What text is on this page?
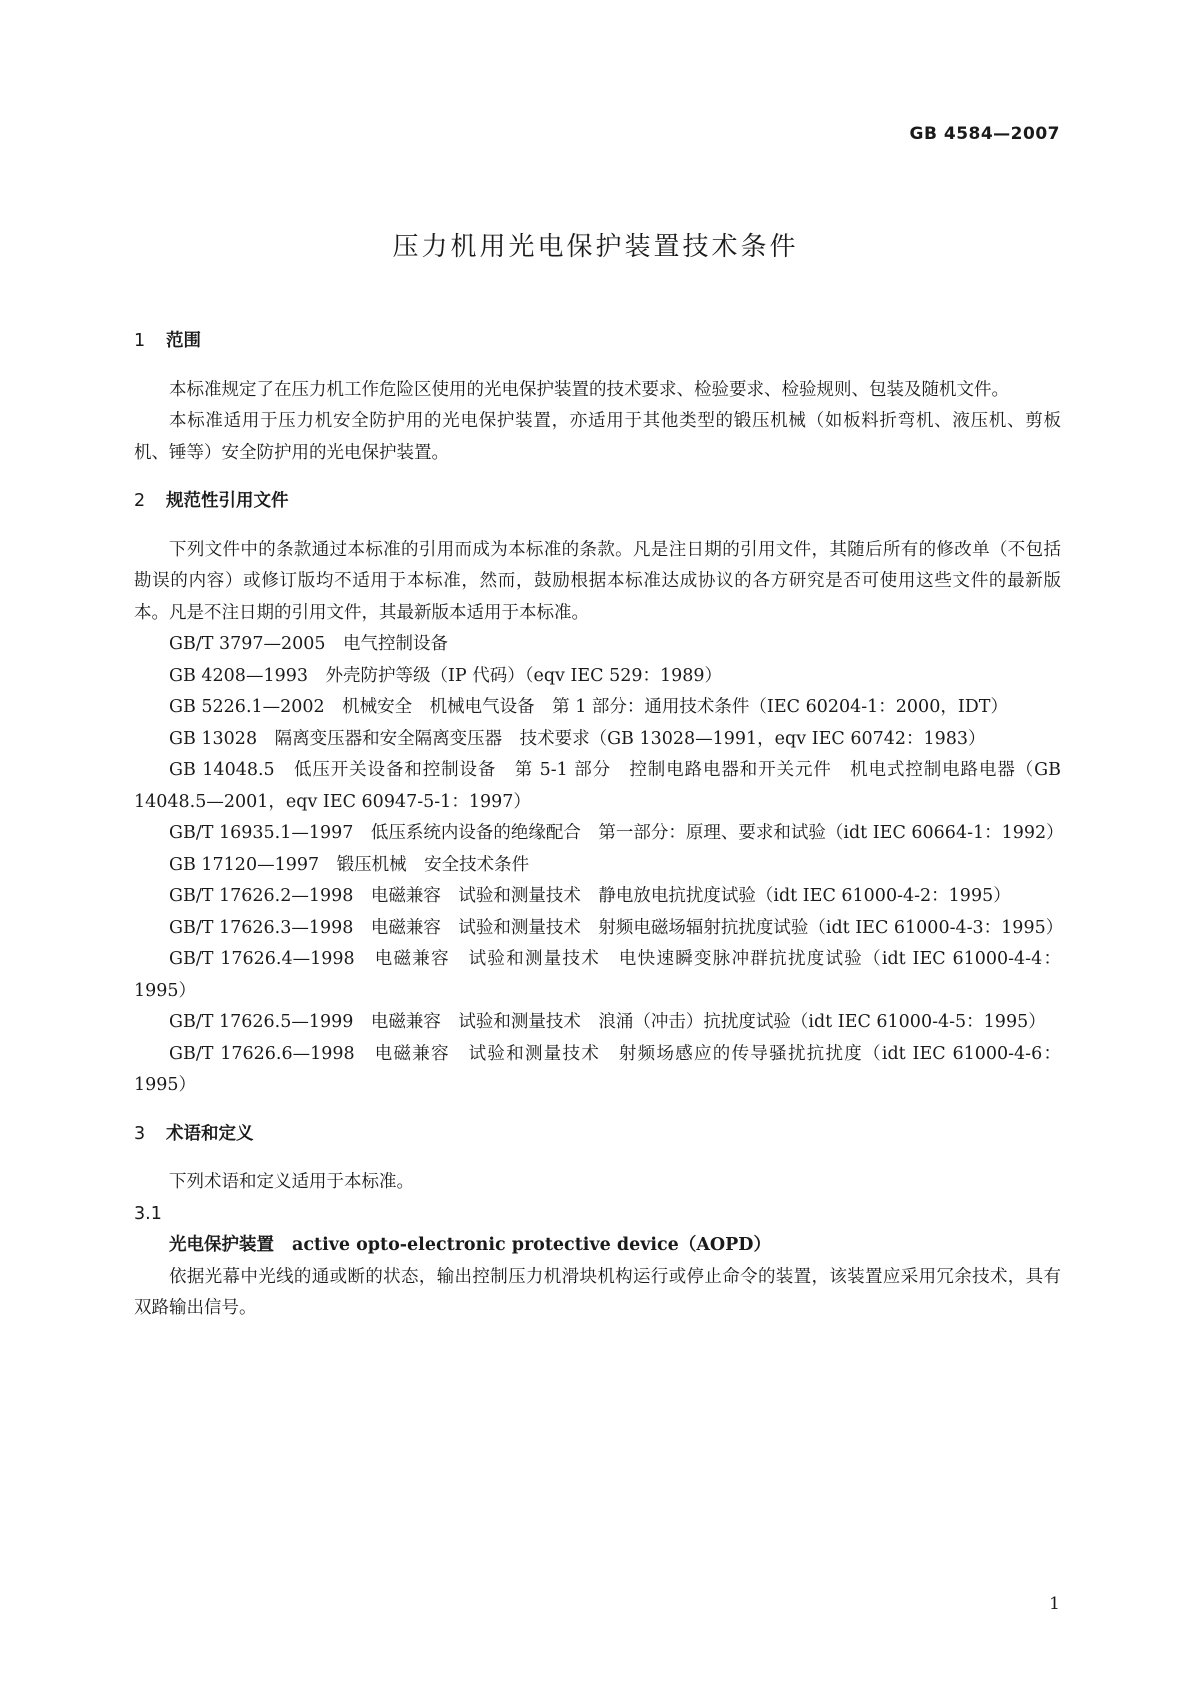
GB 4584—2007
压力机用光电保护装置技术条件
1 范围

本标准规定了在压力机工作危险区使用的光电保护装置的技术要求、检验要求、检验规则、包装及随机文件。

本标准适用于压力机安全防护用的光电保护装置，亦适用于其他类型的锻压机械（如板料折弯机、液压机、剪板机、锤等）安全防护用的光电保护装置。

2 规范性引用文件

下列文件中的条款通过本标准的引用而成为本标准的条款。凡是注日期的引用文件，其随后所有的修改单（不包括勘误的内容）或修订版均不适用于本标准，然而，鼓励根据本标准达成协议的各方研究是否可使用这些文件的最新版本。凡是不注日期的引用文件，其最新版本适用于本标准。

GB/T 3797—2005　电气控制设备

GB 4208—1993　外壳防护等级（IP 代码）（eqv IEC 529：1989）

GB 5226.1—2002　机械安全　机械电气设备　第 1 部分：通用技术条件（IEC 60204-1：2000，IDT）

GB 13028　隔离变压器和安全隔离变压器　技术要求（GB 13028—1991，eqv IEC 60742：1983）

GB 14048.5　低压开关设备和控制设备　第 5-1 部分　控制电路电器和开关元件　机电式控制电路电器（GB 14048.5—2001，eqv IEC 60947-5-1：1997）

GB/T 16935.1—1997　低压系统内设备的绝缘配合　第一部分：原理、要求和试验（idt IEC 60664-1：1992）

GB 17120—1997　锻压机械　安全技术条件

GB/T 17626.2—1998　电磁兼容　试验和测量技术　静电放电抗扰度试验（idt IEC 61000-4-2：1995）

GB/T 17626.3—1998　电磁兼容　试验和测量技术　射频电磁场辐射抗扰度试验（idt IEC 61000-4-3：1995）

GB/T 17626.4—1998　电磁兼容　试验和测量技术　电快速瞬变脉冲群抗扰度试验（idt IEC 61000-4-4：1995）

GB/T 17626.5—1999　电磁兼容　试验和测量技术　浪涌（冲击）抗扰度试验（idt IEC 61000-4-5：1995）

GB/T 17626.6—1998　电磁兼容　试验和测量技术　射频场感应的传导骚扰抗扰度（idt IEC 61000-4-6：1995）

3 术语和定义

下列术语和定义适用于本标准。

3.1

光电保护装置 active opto-electronic protective device（AOPD）

依据光幕中光线的通或断的状态，输出控制压力机滑块机构运行或停止命令的装置，该装置应采用冗余技术，具有双路输出信号。

1
